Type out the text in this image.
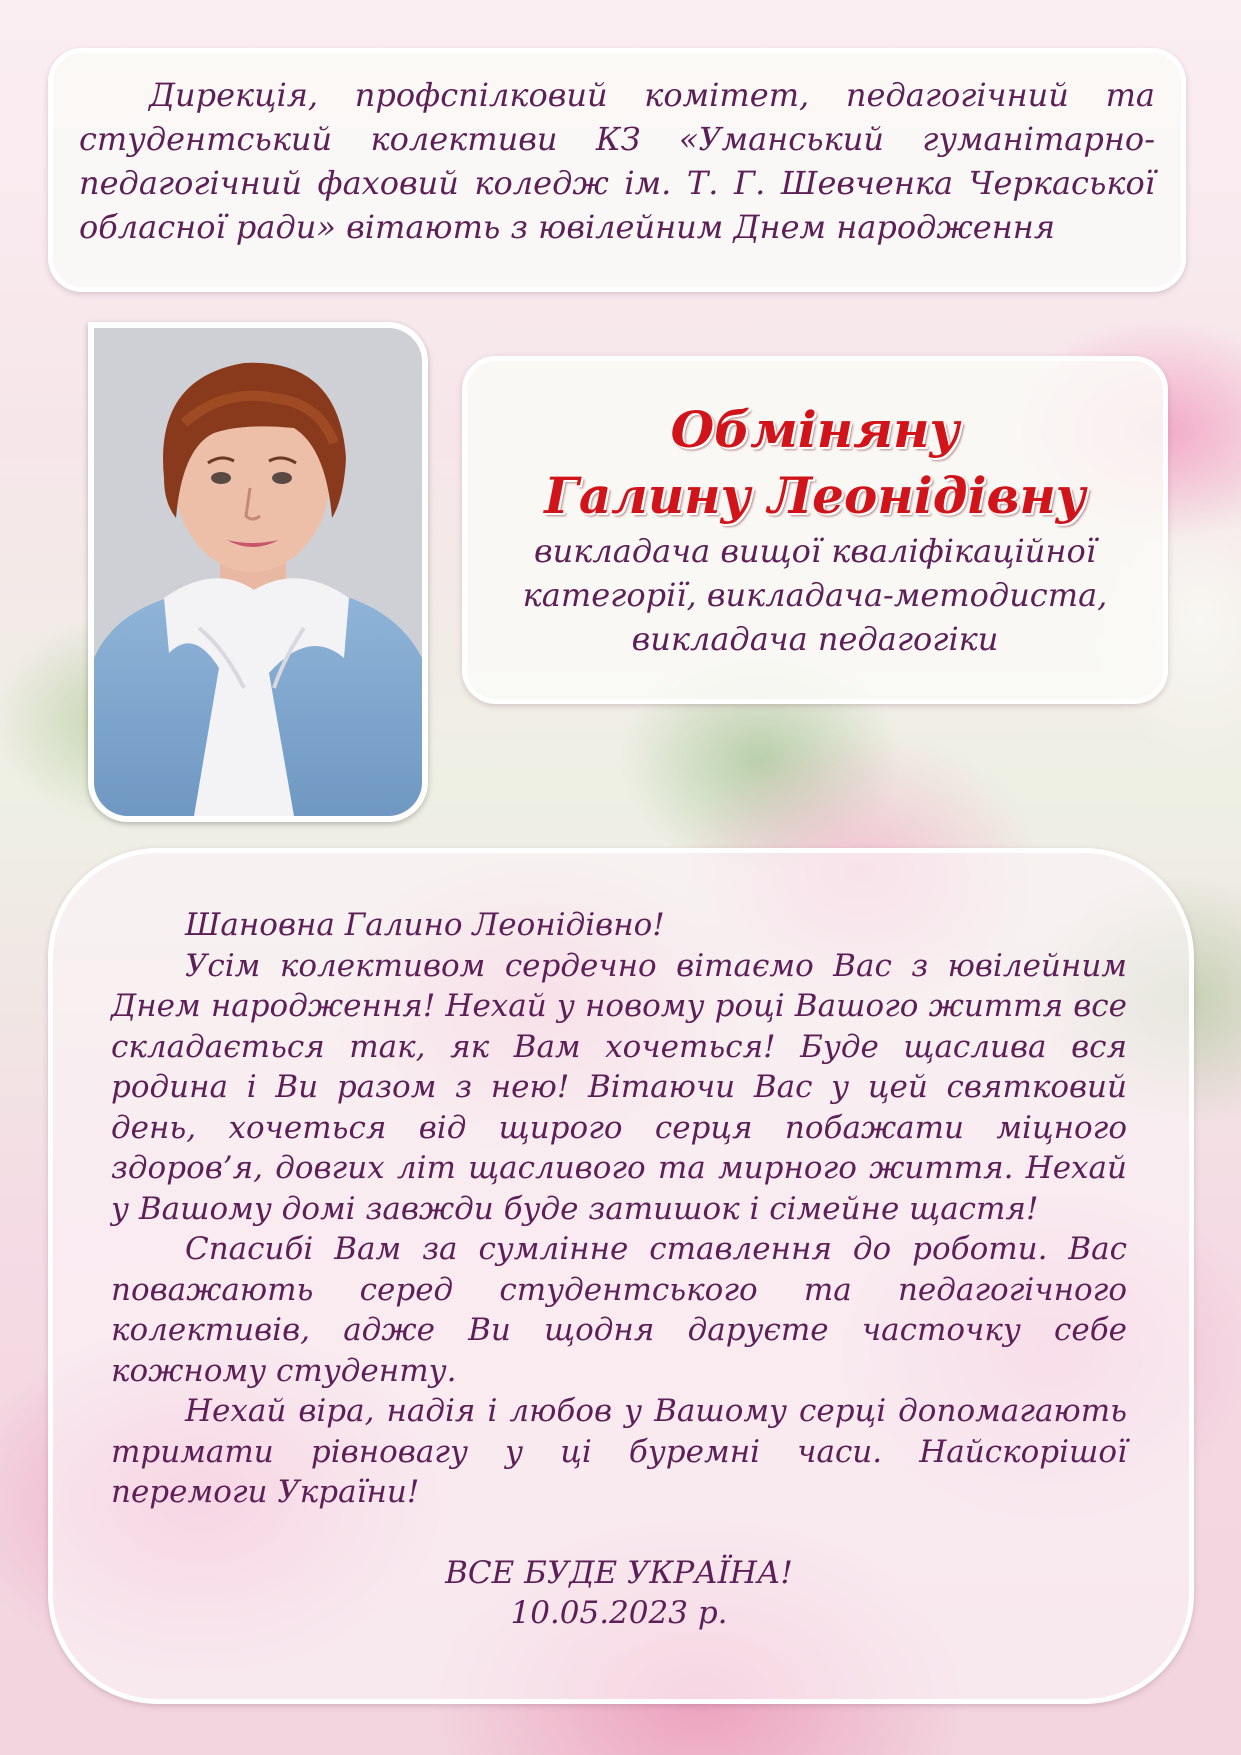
Дирекція, профспілковий комітет, педагогічний та студентський колективи КЗ «Уманський гуманітарно-педагогічний фаховий коледж ім. Т. Г. Шевченка Черкаської обласної ради» вітають з ювілейним Днем народження

Обміняну

Галину Леонідівну

викладача вищої кваліфікаційної

категорії, викладача-методиста,

викладача педагогіки

Шановна Галино Леонідівно!

Усім колективом сердечно вітаємо Вас з ювілейним Днем народження! Нехай у новому році Вашого життя все складається так, як Вам хочеться! Буде щаслива вся родина і Ви разом з нею! Вітаючи Вас у цей святковий день, хочеться від щирого серця побажати міцного здоров’я, довгих літ щасливого та мирного життя. Нехай у Вашому домі завжди буде затишок і сімейне щастя!

Спасибі Вам за сумлінне ставлення до роботи. Вас поважають серед студентського та педагогічного колективів, адже Ви щодня даруєте часточку себе кожному студенту.

Нехай віра, надія і любов у Вашому серці допомагають тримати рівновагу у ці буремні часи. Найскорішої перемоги України!

ВСЕ БУДЕ УКРАЇНА!

10.05.2023 р.
